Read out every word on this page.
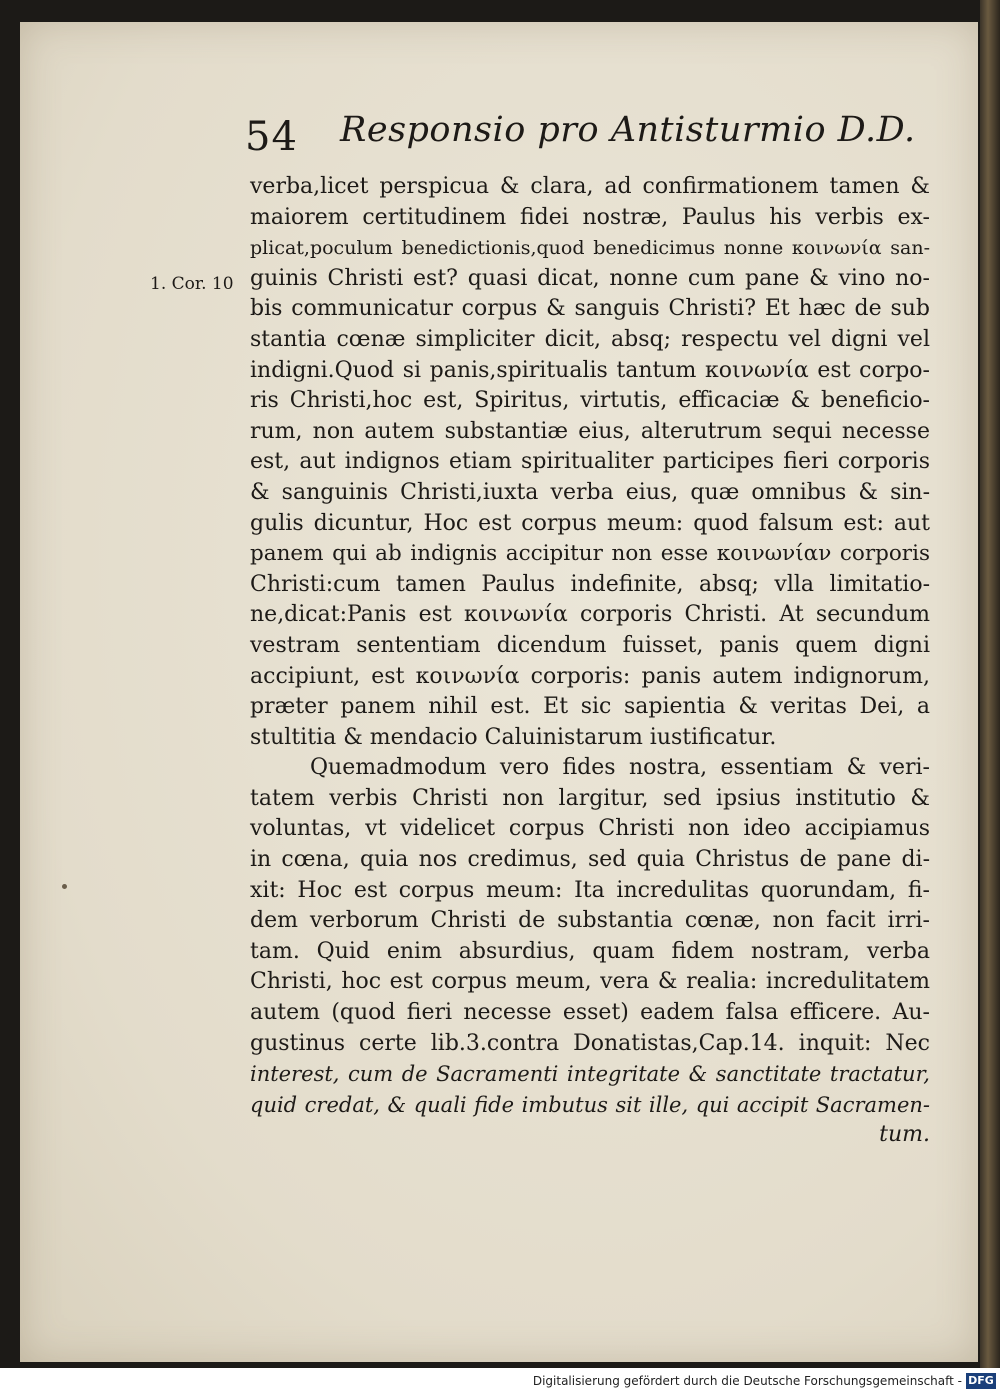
54 Responsio pro Antisturmio D.D.
1. Cor. 10
verba,licet perspicua & clara, ad confirmationem tamen &
maiorem certitudinem fidei nostræ, Paulus his verbis ex-
plicat,poculum benedictionis,quod benedicimus nonne κοινωνία san-
guinis Christi est? quasi dicat, nonne cum pane & vino no-
bis communicatur corpus & sanguis Christi? Et hæc de sub
stantia cœnæ simpliciter dicit, absq; respectu vel digni vel
indigni.Quod si panis,spiritualis tantum κοινωνία est corpo-
ris Christi,hoc est, Spiritus, virtutis, efficaciæ & beneficio-
rum, non autem substantiæ eius, alterutrum sequi necesse
est, aut indignos etiam spiritualiter participes fieri corporis
& sanguinis Christi,iuxta verba eius, quæ omnibus & sin-
gulis dicuntur, Hoc est corpus meum: quod falsum est: aut
panem qui ab indignis accipitur non esse κοινωνίαν corporis
Christi:cum tamen Paulus indefinite, absq; vlla limitatio-
ne,dicat:Panis est κοινωνία corporis Christi. At secundum
vestram sententiam dicendum fuisset, panis quem digni
accipiunt, est κοινωνία corporis: panis autem indignorum,
præter panem nihil est. Et sic sapientia & veritas Dei, a
stultitia & mendacio Caluinistarum iustificatur.
Quemadmodum vero fides nostra, essentiam & veri-
tatem verbis Christi non largitur, sed ipsius institutio &
voluntas, vt videlicet corpus Christi non ideo accipiamus
in cœna, quia nos credimus, sed quia Christus de pane di-
xit: Hoc est corpus meum: Ita incredulitas quorundam, fi-
dem verborum Christi de substantia cœnæ, non facit irri-
tam. Quid enim absurdius, quam fidem nostram, verba
Christi, hoc est corpus meum, vera & realia: incredulitatem
autem (quod fieri necesse esset) eadem falsa efficere. Au-
gustinus certe lib.3.contra Donatistas,Cap.14. inquit: Nec
interest, cum de Sacramenti integritate & sanctitate tractatur,
quid credat, & quali fide imbutus sit ille, qui accipit Sacramen-
tum.
Digitalisierung gefördert durch die Deutsche Forschungsgemeinschaft - DFG
